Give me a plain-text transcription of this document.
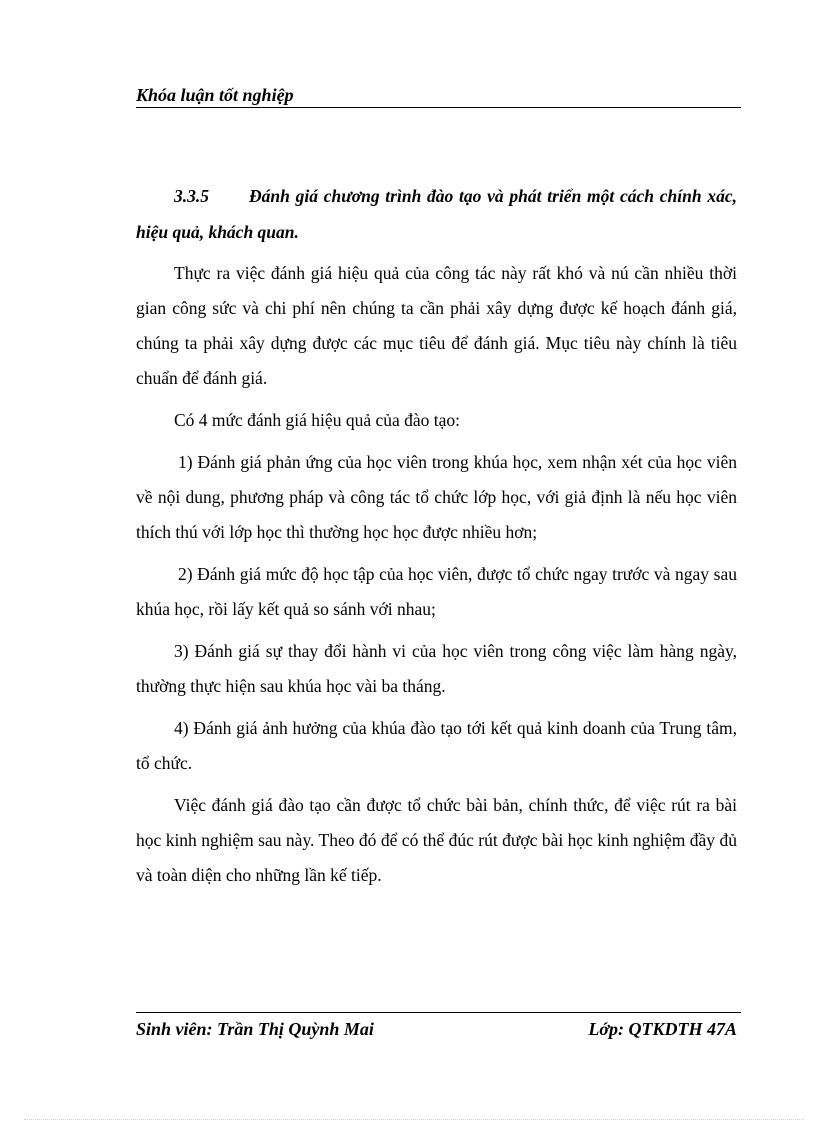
Khóa luận tốt nghiệp
3.3.5 Đánh giá chương trình đào tạo và phát triển một cách chính xác, hiệu quả, khách quan.

Thực ra việc đánh giá hiệu quả của công tác này rất khó và nú cần nhiều thời gian công sức và chi phí nên chúng ta cần phải xây dựng được kế hoạch đánh giá, chúng ta phải xây dựng được các mục tiêu để đánh giá. Mục tiêu này chính là tiêu chuẩn để đánh giá.

Có 4 mức đánh giá hiệu quả của đào tạo:

1) Đánh giá phản ứng của học viên trong khúa học, xem nhận xét của học viên về nội dung, phương pháp và công tác tổ chức lớp học, với giả định là nếu học viên thích thú với lớp học thì thường học học được nhiều hơn;

2) Đánh giá mức độ học tập của học viên, được tổ chức ngay trước và ngay sau khúa học, rồi lấy kết quả so sánh với nhau;

3) Đánh giá sự thay đổi hành vi của học viên trong công việc làm hàng ngày, thường thực hiện sau khúa học vài ba tháng.

4) Đánh giá ảnh hưởng của khúa đào tạo tới kết quả kinh doanh của Trung tâm, tổ chức.

Việc đánh giá đào tạo cần được tổ chức bài bản, chính thức, để việc rút ra bài học kinh nghiệm sau này. Theo đó để có thể đúc rút được bài học kinh nghiệm đầy đủ và toàn diện cho những lần kế tiếp.

Sinh viên: Trần Thị Quỳnh Mai	Lớp: QTKDTH 47A
